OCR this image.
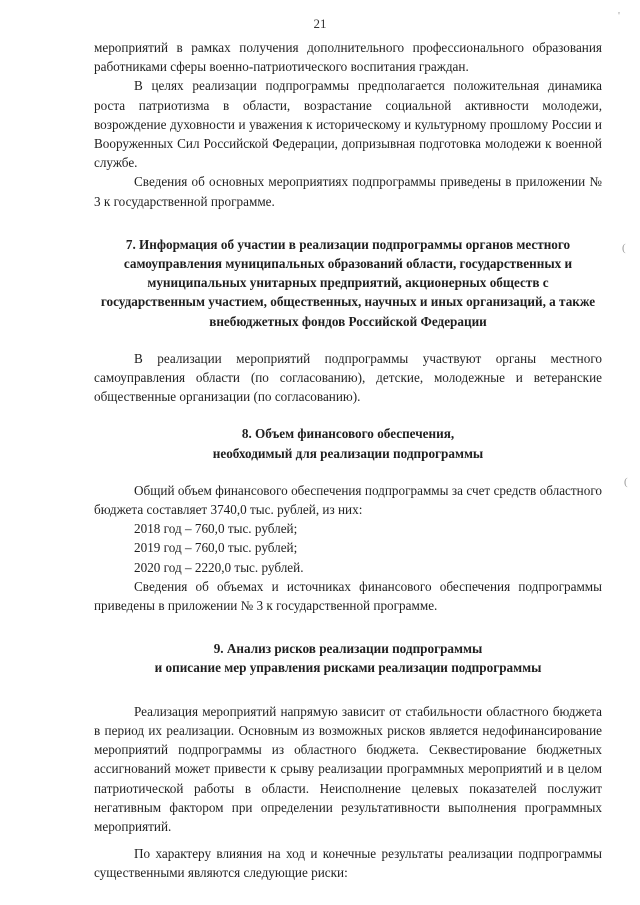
21	'
(
(

мероприятий в рамках получения дополнительного профессионального образования работниками сферы военно-патриотического воспитания граждан.

В целях реализации подпрограммы предполагается положительная динамика роста патриотизма в области, возрастание социальной активности молодежи, возрождение духовности и уважения к историческому и культурному прошлому России и Вооруженных Сил Российской Федерации, допризывная подготовка молодежи к военной службе.

Сведения об основных мероприятиях подпрограммы приведены в приложении № 3 к государственной программе.

7. Информация об участии в реализации подпрограммы органов местного самоуправления муниципальных образований области, государственных и муниципальных унитарных предприятий, акционерных обществ с государственным участием, общественных, научных и иных организаций, а также внебюджетных фондов Российской Федерации

В реализации мероприятий подпрограммы участвуют органы местного самоуправления области (по согласованию), детские, молодежные и ветеранские общественные организации (по согласованию).

8. Объем финансового обеспечения,
необходимый для реализации подпрограммы

Общий объем финансового обеспечения подпрограммы за счет средств областного бюджета составляет 3740,0 тыс. рублей, из них:

2018 год – 760,0 тыс. рублей;
2019 год – 760,0 тыс. рублей;
2020 год – 2220,0 тыс. рублей.

Сведения об объемах и источниках финансового обеспечения подпрограммы приведены в приложении № 3 к государственной программе.

9. Анализ рисков реализации подпрограммы
и описание мер управления рисками реализации подпрограммы

Реализация мероприятий напрямую зависит от стабильности областного бюджета в период их реализации. Основным из возможных рисков является недофинансирование мероприятий подпрограммы из областного бюджета. Секвестирование бюджетных ассигнований может привести к срыву реализации программных мероприятий и в целом патриотической работы в области. Неисполнение целевых показателей послужит негативным фактором при определении результативности выполнения программных мероприятий.

По характеру влияния на ход и конечные результаты реализации подпрограммы существенными являются следующие риски:
